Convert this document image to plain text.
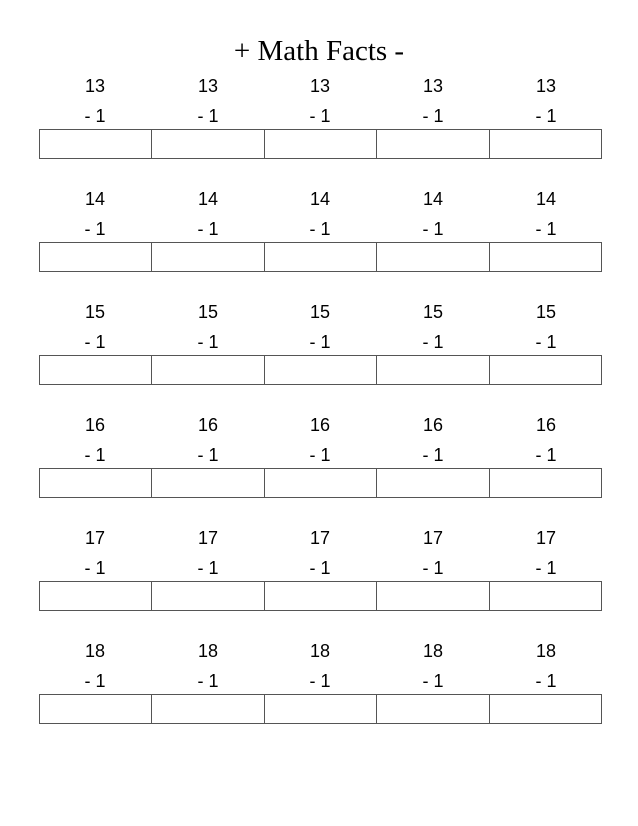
+ Math Facts -
13
- 1
13
- 1
13
- 1
13
- 1
13
- 1
14
- 1
14
- 1
14
- 1
14
- 1
14
- 1
15
- 1
15
- 1
15
- 1
15
- 1
15
- 1
16
- 1
16
- 1
16
- 1
16
- 1
16
- 1
17
- 1
17
- 1
17
- 1
17
- 1
17
- 1
18
- 1
18
- 1
18
- 1
18
- 1
18
- 1
